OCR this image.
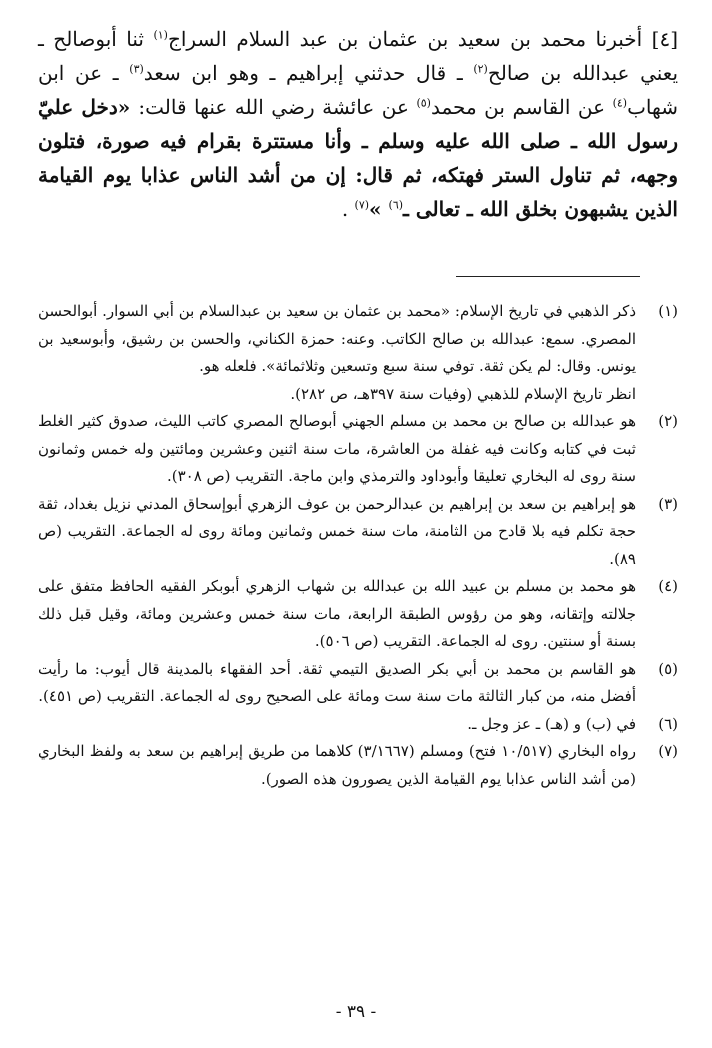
[٤] أخبرنا محمد بن سعيد بن عثمان بن عبد السلام السراج$^{(١)}$ ثنا أبوصالح ـ يعني عبدالله بن صالح$^{(٢)}$ ـ قال حدثني إبراهيم ـ وهو ابن سعد$^{(٣)}$ ـ عن ابن شهاب$^{(٤)}$ عن القاسم بن محمد$^{(٥)}$ عن عائشة رضي الله عنها قالت: «دخل عليّ رسول الله ـ صلى الله عليه وسلم ـ وأنا مستترة بقرام فيه صورة، فتلون وجهه، ثم تناول الستر فهتكه، ثم قال: إن من أشد الناس عذابا يوم القيامة الذين يشبهون بخلق الله ـ تعالى ـ$^{(٦)}$ »$^{(٧)}$ .

(١)
ذكر الذهبي في تاريخ الإسلام: «محمد بن عثمان بن سعيد بن عبدالسلام بن أبي السوار. أبوالحسن المصري. سمع: عبدالله بن صالح الكاتب. وعنه: حمزة الكناني، والحسن بن رشيق، وأبوسعيد بن يونس. وقال: لم يكن ثقة. توفي سنة سبع وتسعين وثلاثمائة». فلعله هو.
انظر تاريخ الإسلام للذهبي (وفيات سنة ٣٩٧هـ، ص ٢٨٢).
(٢)
هو عبدالله بن صالح بن محمد بن مسلم الجهني أبوصالح المصري كاتب الليث، صدوق كثير الغلط ثبت في كتابه وكانت فيه غفلة من العاشرة، مات سنة اثنين وعشرين ومائتين وله خمس وثمانون سنة روى له البخاري تعليقا وأبوداود والترمذي وابن ماجة. التقريب (ص ٣٠٨).
(٣)
هو إبراهيم بن سعد بن إبراهيم بن عبدالرحمن بن عوف الزهري أبوإسحاق المدني نزيل بغداد، ثقة حجة تكلم فيه بلا قادح من الثامنة، مات سنة خمس وثمانين ومائة روى له الجماعة. التقريب (ص ٨٩).
(٤)
هو محمد بن مسلم بن عبيد الله بن عبدالله بن شهاب الزهري أبوبكر الفقيه الحافظ متفق على جلالته وإتقانه، وهو من رؤوس الطبقة الرابعة، مات سنة خمس وعشرين ومائة، وقيل قبل ذلك بسنة أو سنتين. روى له الجماعة. التقريب (ص ٥٠٦).
(٥)
هو القاسم بن محمد بن أبي بكر الصديق التيمي ثقة. أحد الفقهاء بالمدينة قال أيوب: ما رأيت أفضل منه، من كبار الثالثة مات سنة ست ومائة على الصحيح روى له الجماعة. التقريب (ص ٤٥١).
(٦)
في (ب) و (هـ) ـ عز وجل ـ.
(٧)
رواه البخاري (١٠/٥١٧ فتح) ومسلم (٣/١٦٦٧) كلاهما من طريق إبراهيم بن سعد به ولفظ البخاري (من أشد الناس عذابا يوم القيامة الذين يصورون هذه الصور).
- ٣٩ -
